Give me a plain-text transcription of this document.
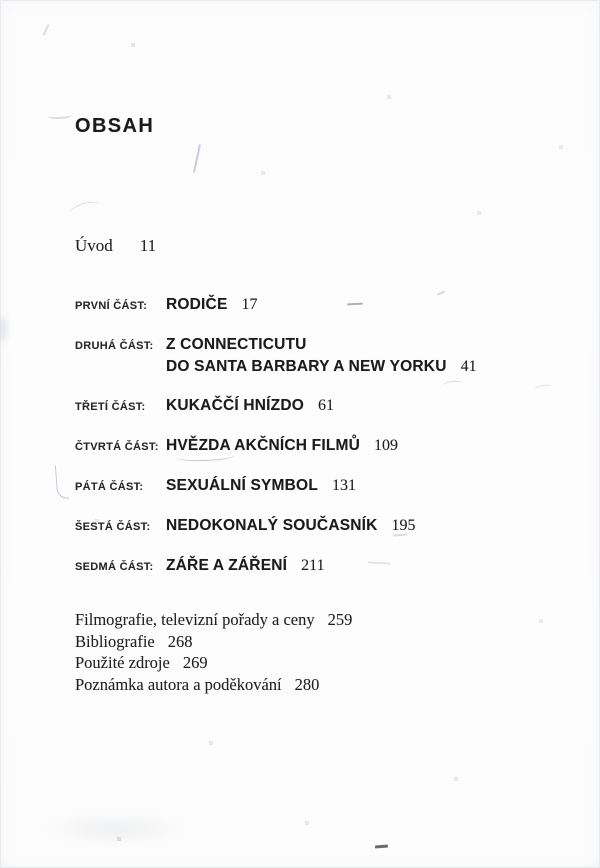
OBSAH
Úvod 11
PRVNÍ ČÁST:	RODIČE 17
DRUHÁ ČÁST: Z CONNECTICUTU
DO SANTA BARBARY A NEW YORKU 41
TŘETÍ ČÁST:	KUKAČČÍ HNÍZDO 61
ČTVRTÁ ČÁST: HVĚZDA AKČNÍCH FILMŮ 109
PÁTÁ ČÁST:	SEXUÁLNÍ SYMBOL 131
ŠESTÁ ČÁST:	NEDOKONALÝ SOUČASNÍK 195
SEDMÁ ČÁST: ZÁŘE A ZÁŘENÍ 211
Filmografie, televizní pořady a ceny 259
Bibliografie 268
Použité zdroje 269
Poznámka autora a poděkování 280
